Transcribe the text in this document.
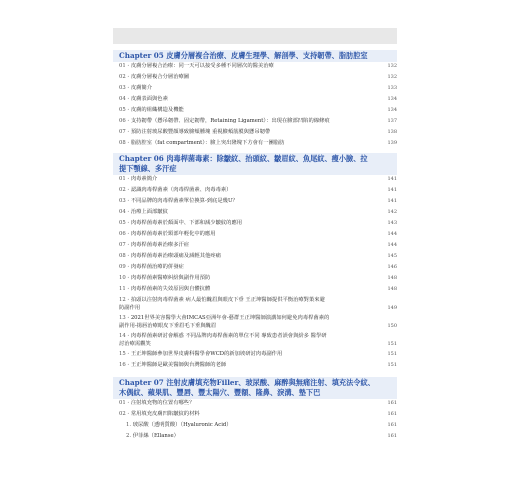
Chapter 05 皮膚分層複合治療、皮膚生理學、解剖學、支持韌帶、脂肪腔室
01 · 皮膚分層複合治療：同一天可以接受多種不同層次的醫美治療	132
02 · 皮膚分層複合分層治療圖	132
03 · 皮膚簡介	133
04 · 皮膚表面與色素	134
05 · 皮膚的組織構造及機能	134
06 · 支持韌帶（懸吊韌帶、固定韌帶，Retaining Ligament）：出現在臉部凹陷的線條痕	137
07 · 預防注射玻尿酸豐顏導致臉頰腫塊 重視臉頰筋膜與懸吊韌帶	138
08 · 脂肪腔室（fat compartment）：臉上突出隆塊下方會有一團脂肪	139
Chapter 06 肉毒桿菌毒素：除皺紋、抬頭紋、皺眉紋、魚尾紋、瘦小臉、拉
提下顎線、多汗症
01 · 肉毒素簡介	141
02 · 認識肉毒桿菌素（肉毒桿菌素、肉毒毒素）	141
03 · 不同品牌的肉毒桿菌素單位換算-到底是幾U？	141
04 · 治療上面部皺紋	142
05 · 肉毒桿菌毒素於顏面中、下部和減少皺紋的應用	143
06 · 肉毒桿菌毒素於頸部年輕化中的應用	144
07 · 肉毒桿菌毒素治療多汗症	144
08 · 肉毒桿菌毒素治療頭痛及減輕其他疼痛	145
09 · 肉毒桿菌治療的併發症	146
10 · 肉毒桿菌素醫療糾紛與副作用預防	148
11 · 肉毒桿菌素的失效原因與自體抗體	148
12 · 拍頭以注射肉毒桿菌素 病人最怕醜眉與眼皮下垂 王正坤醫師提供平衡治療對策來避
防副作用	149
13 · 2021世界美容醫學大會IMCAS亞洲年會-藝群王正坤醫師演講如何避免肉毒桿菌素的
副作用-揚唇治療眼皮下垂眉毛下垂與醜眉	150
14 · 肉毒桿菌素研討會解惑 不同品牌肉毒桿菌素的單位不同 專致患者誤會與紛多 醫學研
討治療需觀笑	151
15 · 王正坤醫師參加世界皮膚科醫學會WCD的新加坡研討肉毒副作用	151
16 · 王正坤醫師是歐美醫師與台灣醫師的老師	151
Chapter 07 注射皮膚填充物Filler、玻尿酸、麻醉與無痛注射、填充法令紋、
木偶紋、蘋果肌、豐唇、豐太陽穴、豐額、隆鼻、淚溝、墊下巴
01 · 注射填充物的位置有哪些？	161
02 · 常用填充皮膚凹陷皺紋的材料	161
1. 玻尿酸（透明質酸）（Hyaluronic Acid）	161
2. 伊菲絲（Ellanse）	161
